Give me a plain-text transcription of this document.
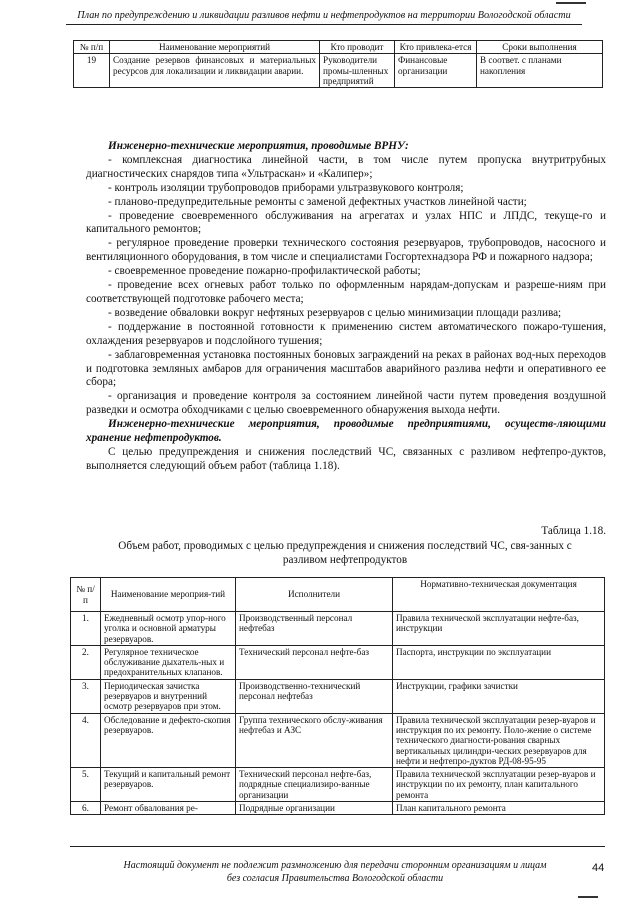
План по предупреждению и ликвидации разливов нефти и нефтепродуктов на территории Вологодской области
№ п/п	Наименование мероприятий	Кто проводит	Кто привлека-ется	Сроки выполнения
19	Создание резервов финансовых и материальных ресурсов для локализации и ликвидации аварии.	Руководители промы-шленных предприятий	Финансовые организации	В соответ. с планами накопления

Инженерно-технические мероприятия, проводимые ВРНУ:

- комплексная диагностика линейной части, в том числе путем пропуска внутритрубных диагностических снарядов типа «Ультраскан» и «Калипер»;

- контроль изоляции трубопроводов приборами ультразвукового контроля;

- планово-предупредительные ремонты с заменой дефектных участков линейной части;

- проведение своевременного обслуживания на агрегатах и узлах НПС и ЛПДС, текуще-го и капитального ремонтов;

- регулярное проведение проверки технического состояния резервуаров, трубопроводов, насосного и вентиляционного оборудования, в том числе и специалистами Госгортехнадзора РФ и пожарного надзора;

- своевременное проведение пожарно-профилактической работы;

- проведение всех огневых работ только по оформленным нарядам-допускам и разреше-ниям при соответствующей подготовке рабочего места;

- возведение обваловки вокруг нефтяных резервуаров с целью минимизации площади разлива;

- поддержание в постоянной готовности к применению систем автоматического пожаро-тушения, охлаждения резервуаров и подслойного тушения;

- заблаговременная установка постоянных боновых заграждений на реках в районах вод-ных переходов и подготовка земляных амбаров для ограничения масштабов аварийного разлива нефти и оперативного ее сбора;

- организация и проведение контроля за состоянием линейной части путем проведения воздушной разведки и осмотра обходчиками с целью своевременного обнаружения выхода нефти.

Инженерно-технические мероприятия, проводимые предприятиями, осуществ-ляющими хранение нефтепродуктов.

С целью предупреждения и снижения последствий ЧС, связанных с разливом нефтепро-дуктов, выполняется следующий объем работ (таблица 1.18).

Таблица 1.18.
Объем работ, проводимых с целью предупреждения и снижения последствий ЧС, свя-занных с разливом нефтепродуктов
№ п/п	Наименование мероприя-тий	Исполнители	Нормативно-техническая документация
1.	Ежедневный осмотр упор-ного уголка и основной арматуры резервуаров.	Производственный персонал нефтебаз	Правила технической эксплуатации нефте-баз, инструкции
2.	Регулярное техническое обслуживание дыхатель-ных и предохранительных клапанов.	Технический персонал нефте-баз	Паспорта, инструкции по эксплуатации
3.	Периодическая зачистка резервуаров и внутренний осмотр резервуаров при этом.	Производственно-технический персонал нефтебаз	Инструкции, графики зачистки
4.	Обследование и дефекто-скопия резервуаров.	Группа технического обслу-живания нефтебаз и АЗС	Правила технической эксплуатации резер-вуаров и инструкция по их ремонту. Поло-жение о системе технического диагности-рования сварных вертикальных цилиндри-ческих резервуаров для нефти и нефтепро-дуктов РД-08-95-95
5.	Текущий и капитальный ремонт резервуаров.	Технический персонал нефте-баз, подрядные специализиро-ванные организации	Правила технической эксплуатации резер-вуаров и инструкции по их ремонту, план капитального ремонта
6.	Ремонт обвалования ре-	Подрядные организации	План капитального ремонта
Настоящий документ не подлежит размножению для передачи сторонним организациям и лицам
без согласия Правительства Вологодской области
44
